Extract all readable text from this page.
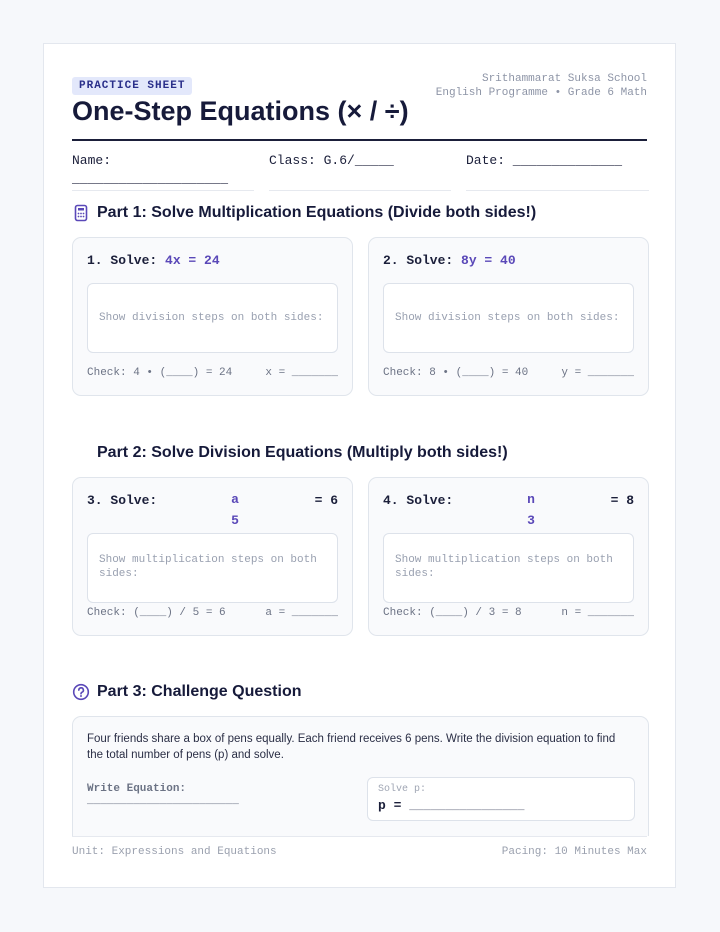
PRACTICE SHEET
Srithammarat Suksa School
English Programme • Grade 6 Math
One-Step Equations (× / ÷)
Name:
____________________
Class: G.6/_____	Date: ______________
Part 1: Solve Multiplication Equations (Divide both sides!)
1. Solve: 4x = 24
Show division steps on both sides:
Check: 4 • (____) = 24	x = _______
2. Solve: 8y = 40
Show division steps on both sides:
Check: 8 • (____) = 40	y = _______
Part 2: Solve Division Equations (Multiply both sides!)
3. Solve:	a
5
= 6
Show multiplication steps on both sides:
Check: (____) / 5 = 6	a = _______
4. Solve:	n
3
= 8
Show multiplication steps on both sides:
Check: (____) / 3 = 8	n = _______
Part 3: Challenge Question
Four friends share a box of pens equally. Each friend receives 6 pens. Write the division equation to find the total number of pens (p) and solve.
Write Equation:
_______________________
Solve p:
p = ________________
Unit: Expressions and Equations	Pacing: 10 Minutes Max
